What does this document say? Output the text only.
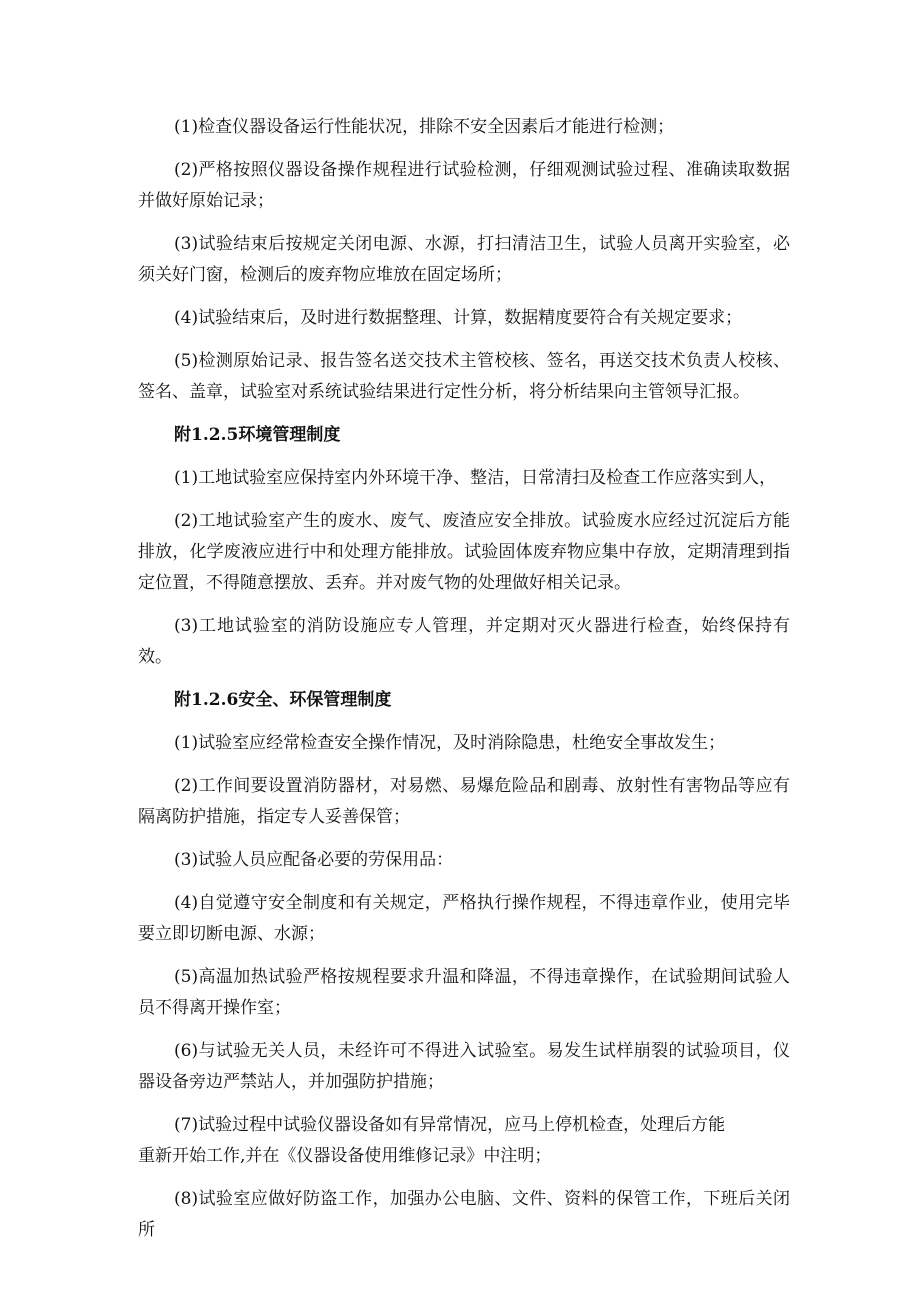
(1)检查仪器设备运行性能状况，排除不安全因素后才能进行检测；

(2)严格按照仪器设备操作规程进行试验检测，仔细观测试验过程、准确读取数据并做好原始记录；

(3)试验结束后按规定关闭电源、水源，打扫清洁卫生，试验人员离开实验室，必须关好门窗，检测后的废弃物应堆放在固定场所；

(4)试验结束后，及时进行数据整理、计算，数据精度要符合有关规定要求；

(5)检测原始记录、报告签名送交技术主管校核、签名，再送交技术负责人校核、签名、盖章，试验室对系统试验结果进行定性分析，将分析结果向主管领导汇报。

附1.2.5环境管理制度

(1)工地试验室应保持室内外环境干净、整洁，日常清扫及检查工作应落实到人，

(2)工地试验室产生的废水、废气、废渣应安全排放。试验废水应经过沉淀后方能排放，化学废液应进行中和处理方能排放。试验固体废弃物应集中存放，定期清理到指定位置，不得随意摆放、丢弃。并对废气物的处理做好相关记录。

(3)工地试验室的消防设施应专人管理，并定期对灭火器进行检查，始终保持有效。

附1.2.6安全、环保管理制度

(1)试验室应经常检查安全操作情况，及时消除隐患，杜绝安全事故发生；

(2)工作间要设置消防器材，对易燃、易爆危险品和剧毒、放射性有害物品等应有隔离防护措施，指定专人妥善保管；

(3)试验人员应配备必要的劳保用品：

(4)自觉遵守安全制度和有关规定，严格执行操作规程，不得违章作业，使用完毕要立即切断电源、水源；

(5)高温加热试验严格按规程要求升温和降温，不得违章操作，在试验期间试验人员不得离开操作室；

(6)与试验无关人员，未经许可不得进入试验室。易发生试样崩裂的试验项目，仪器设备旁边严禁站人，并加强防护措施；

(7)试验过程中试验仪器设备如有异常情况，应马上停机检查，处理后方能
重新开始工作,并在《仪器设备使用维修记录》中注明；

(8)试验室应做好防盗工作，加强办公电脑、文件、资料的保管工作，下班后关闭所
